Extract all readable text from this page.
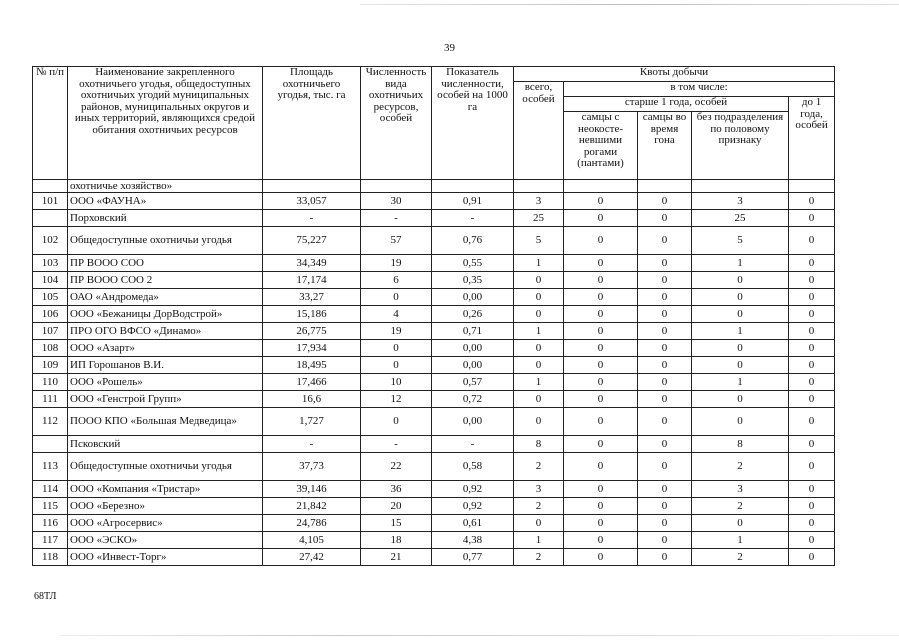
39
№ п/п	Наименование закрепленного охотничьего угодья, общедоступных охотничьих угодий муниципальных районов, муниципальных округов и иных территорий, являющихся средой обитания охотничьих ресурсов	Площадь охотничьего угодья, тыс. га	Численность вида охотничьих ресурсов, особей	Показатель численности, особей на 1000 га	Квоты добычи				
					всего, особей	в том числе:			
						старше 1 года, особей			до 1 года, особей
						самцы с неокосте-невшими рогами (пантами)	самцы во время гона	без подразделения по половому признаку	
	охотничье хозяйство»								
101	ООО «ФАУНА»	33,057	30	0,91	3	0	0	3	0
	Порховский	-	-	-	25	0	0	25	0
102	Общедоступные охотничьи угодья	75,227	57	0,76	5	0	0	5	0
103	ПР ВООО СОО	34,349	19	0,55	1	0	0	1	0
104	ПР ВООО СОО 2	17,174	6	0,35	0	0	0	0	0
105	ОАО «Андромеда»	33,27	0	0,00	0	0	0	0	0
106	ООО «Бежаницы ДорВодстрой»	15,186	4	0,26	0	0	0	0	0
107	ПРО ОГО ВФСО «Динамо»	26,775	19	0,71	1	0	0	1	0
108	ООО «Азарт»	17,934	0	0,00	0	0	0	0	0
109	ИП Горошанов В.И.	18,495	0	0,00	0	0	0	0	0
110	ООО «Рошель»	17,466	10	0,57	1	0	0	1	0
111	ООО «Генстрой Групп»	16,6	12	0,72	0	0	0	0	0
112	ПООО КПО «Большая Медведица»	1,727	0	0,00	0	0	0	0	0
	Псковский	-	-	-	8	0	0	8	0
113	Общедоступные охотничьи угодья	37,73	22	0,58	2	0	0	2	0
114	ООО «Компания «Тристар»	39,146	36	0,92	3	0	0	3	0
115	ООО «Березно»	21,842	20	0,92	2	0	0	2	0
116	ООО «Агросервис»	24,786	15	0,61	0	0	0	0	0
117	ООО «ЭСКО»	4,105	18	4,38	1	0	0	1	0
118	ООО «Инвест-Торг»	27,42	21	0,77	2	0	0	2	0
68ТЛ
